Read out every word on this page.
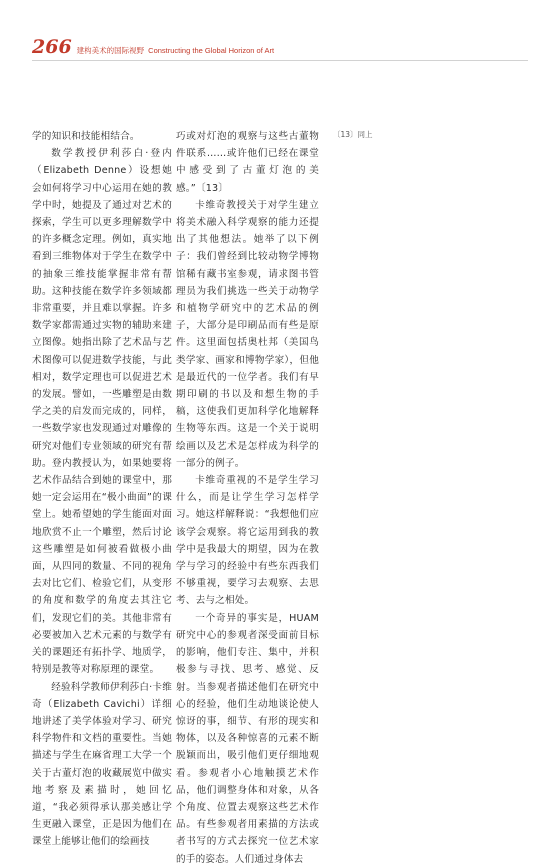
266 建构美术的国际视野 Constructing the Global Horizon of Art

学的知识和技能相结合。

数学教授伊利莎白·登内（Elizabeth Denne）设想她会如何将学习中心运用在她的教学中时，她提及了通过对艺术的探索，学生可以更多理解数学中的许多概念定理。例如，真实地看到三维物体对于学生在数学中的抽象三维技能掌握非常有帮助。这种技能在数学许多领域都非常重要，并且难以掌握。许多数学家都需通过实物的辅助来建立图像。她指出除了艺术品与艺术图像可以促进数学技能，与此相对，数学定理也可以促进艺术的发展。譬如，一些雕塑是由数学之美的启发而完成的，同样，一些数学家也发现通过对雕像的研究对他们专业领域的研究有帮助。登内教授认为，如果她要将艺术作品结合到她的课堂中，那她一定会运用在“极小曲面”的课堂上。她希望她的学生能面对面地欣赏不止一个雕塑，然后讨论这些雕塑是如何被看做极小曲面，从四同的数量、不同的视角去对比它们、检验它们，从变形的角度和数学的角度去其注它们，发现它们的美。其他非常有必要被加入艺术元素的与数学有关的课题还有拓扑学、地质学，特别是教等对称原理的课堂。

经验科学教师伊利莎白·卡维奇（Elizabeth Cavichi）详细地讲述了美学体验对学习、研究科学物件和文档的重要性。当她描述与学生在麻省理工大学一个关于古董灯泡的收藏展览中做实地考察及素描时，她回忆道，“我必须得承认那美感让学生更融入课堂，正是因为他们在课堂上能够让他们的绘画技

巧或对灯泡的观察与这些古董物件联系……或许他们已经在课堂中感受到了古董灯泡的美感。”〔13〕

卡维奇教授关于对学生建立将美术融入科学观察的能力还提出了其他想法。她举了以下例子：我们曾经到比较动物学博物馆稀有藏书室参观，请求图书管理员为我们挑选一些关于动物学和植物学研究中的艺术品的例子，大部分是印刷品而有些是原件。这里面包括奥杜邦（美国鸟类学家、画家和博物学家），但他是最近代的一位学者。我们有早期印刷的书以及和想生物的手稿，这使我们更加科学化地解释生物等东西。这是一个关于说明绘画以及艺术是怎样成为科学的一部分的例子。

卡维奇重视的不是学生学习什么，而是让学生学习怎样学习。她这样解释说：“我想他们应该学会观察。将它运用到我的教学中是我最大的期望，因为在教学与学习的经验中有些东西我们不够重视，要学习去观察、去思考、去与之相处。

一个奇异的事实是，HUAM研究中心的参观者深受面前目标的影响，他们专注、集中，并积极参与寻找、思考、感觉、反射。当参观者描述他们在研究中心的经验，他们生动地谈论使人惊讶的事，细节、有形的现实和物体，以及各种惊喜的元素不断脱颖而出，吸引他们更仔细地观看。参观者小心地触摸艺术作品，他们调整身体和对象，从各个角度、位置去观察这些艺术作品。有些参观者用素描的方法或者书写的方式去探究一位艺术家的手的姿态。人们通过身体去

〔13〕同上
